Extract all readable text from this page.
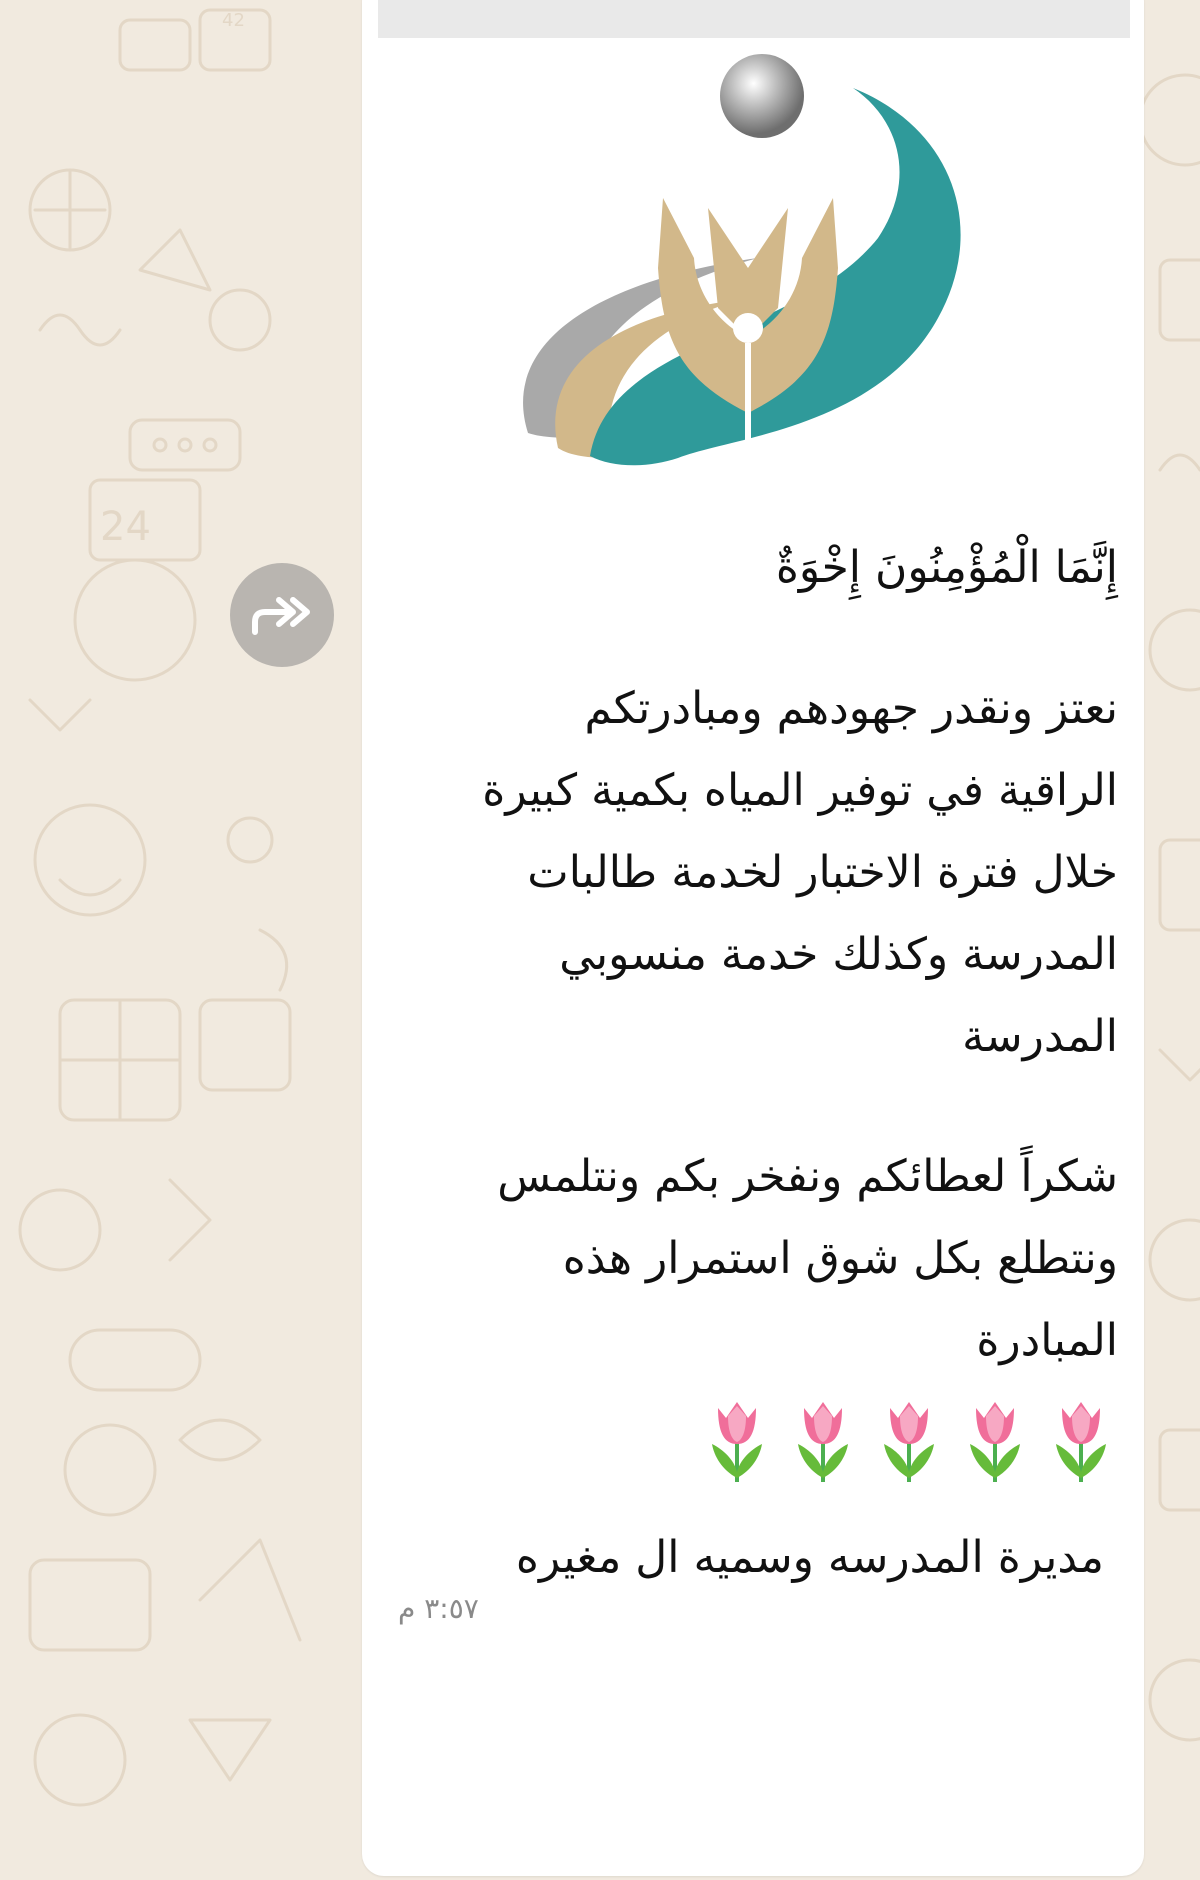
42
24

إِنَّمَا الْمُؤْمِنُونَ إِخْوَةٌ

نعتز ونقدر جهودهم ومبادرتكم
الراقية في توفير المياه بكمية كبيرة
خلال فترة الاختبار لخدمة طالبات
المدرسة وكذلك خدمة منسوبي
المدرسة

شكراً لعطائكم ونفخر بكم ونتلمس
ونتطلع بكل شوق استمرار هذه
المبادرة

مديرة المدرسه وسميه ال مغيره

٣:٥٧ م
